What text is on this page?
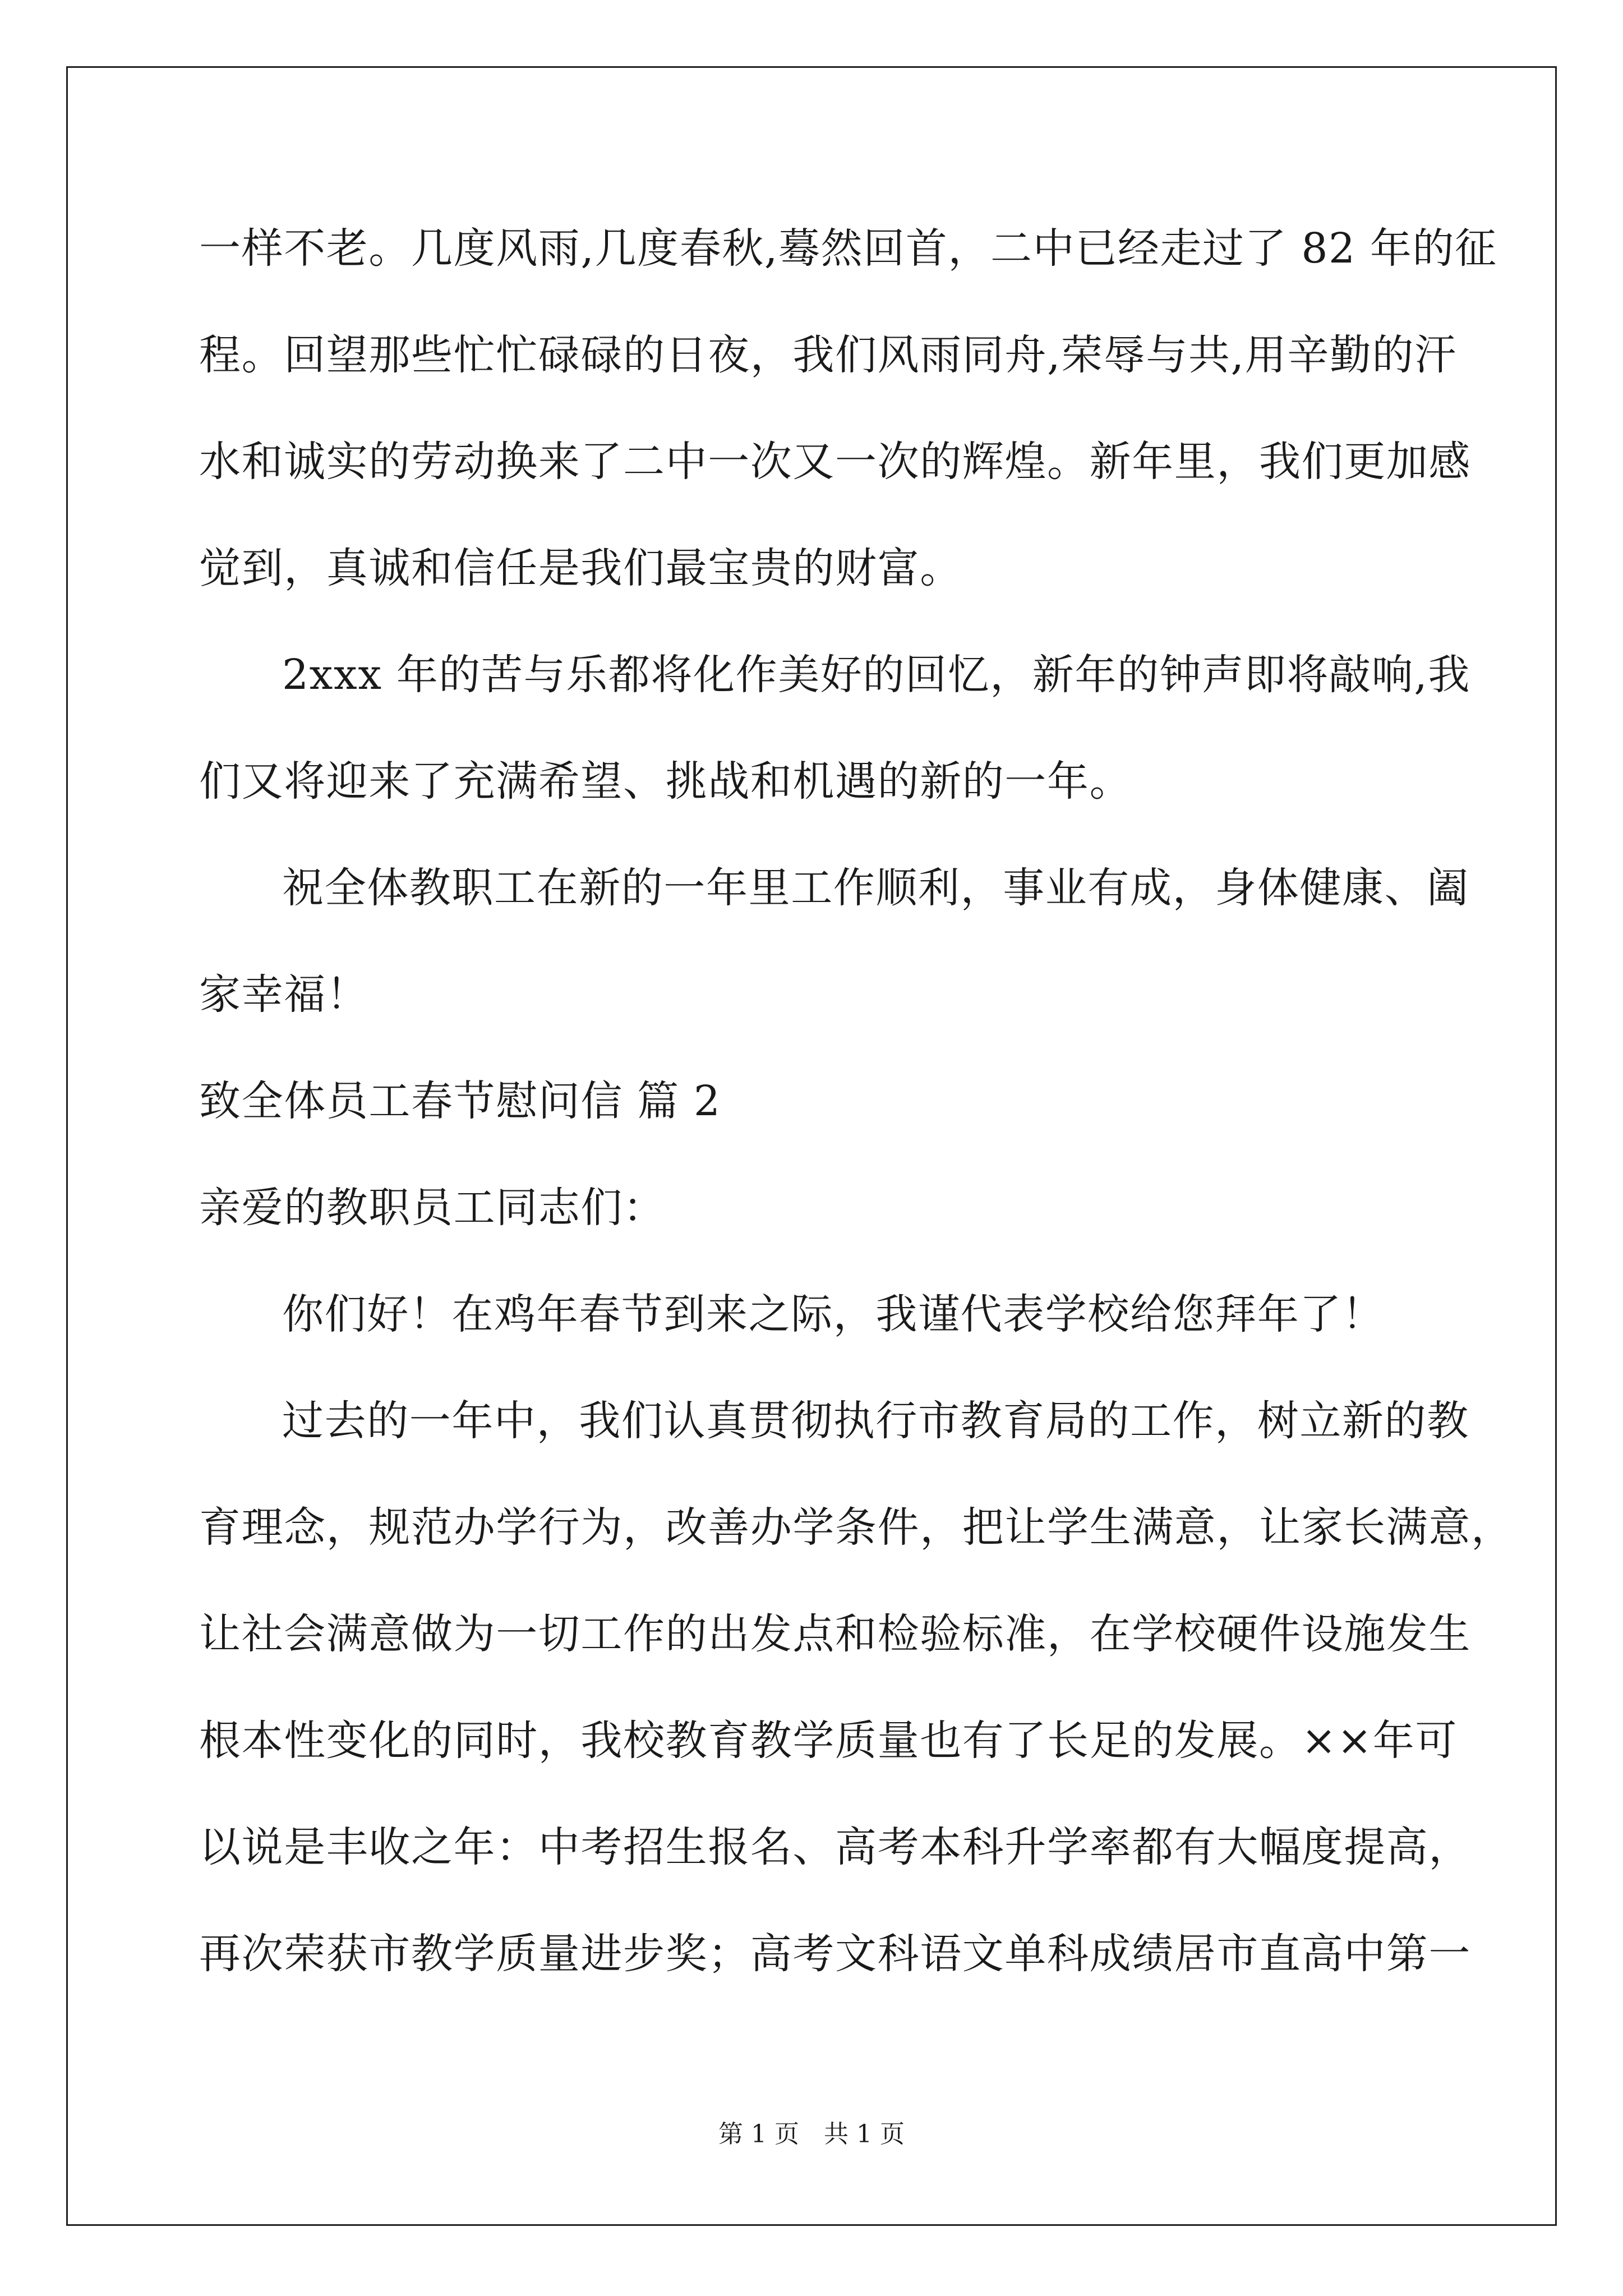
一样不老。几度风雨,几度春秋,蓦然回首，二中已经走过了 82 年的征
程。回望那些忙忙碌碌的日夜，我们风雨同舟,荣辱与共,用辛勤的汗
水和诚实的劳动换来了二中一次又一次的辉煌。新年里，我们更加感
觉到，真诚和信任是我们最宝贵的财富。
2xxx 年的苦与乐都将化作美好的回忆，新年的钟声即将敲响,我
们又将迎来了充满希望、挑战和机遇的新的一年。
祝全体教职工在新的一年里工作顺利，事业有成，身体健康、阖
家幸福！
致全体员工春节慰问信 篇 2
亲爱的教职员工同志们：
你们好！在鸡年春节到来之际，我谨代表学校给您拜年了！
过去的一年中，我们认真贯彻执行市教育局的工作，树立新的教
育理念，规范办学行为，改善办学条件，把让学生满意，让家长满意，
让社会满意做为一切工作的出发点和检验标准，在学校硬件设施发生
根本性变化的同时，我校教育教学质量也有了长足的发展。××年可
以说是丰收之年：中考招生报名、高考本科升学率都有大幅度提高，
再次荣获市教学质量进步奖；高考文科语文单科成绩居市直高中第一
第 1 页　共 1 页
